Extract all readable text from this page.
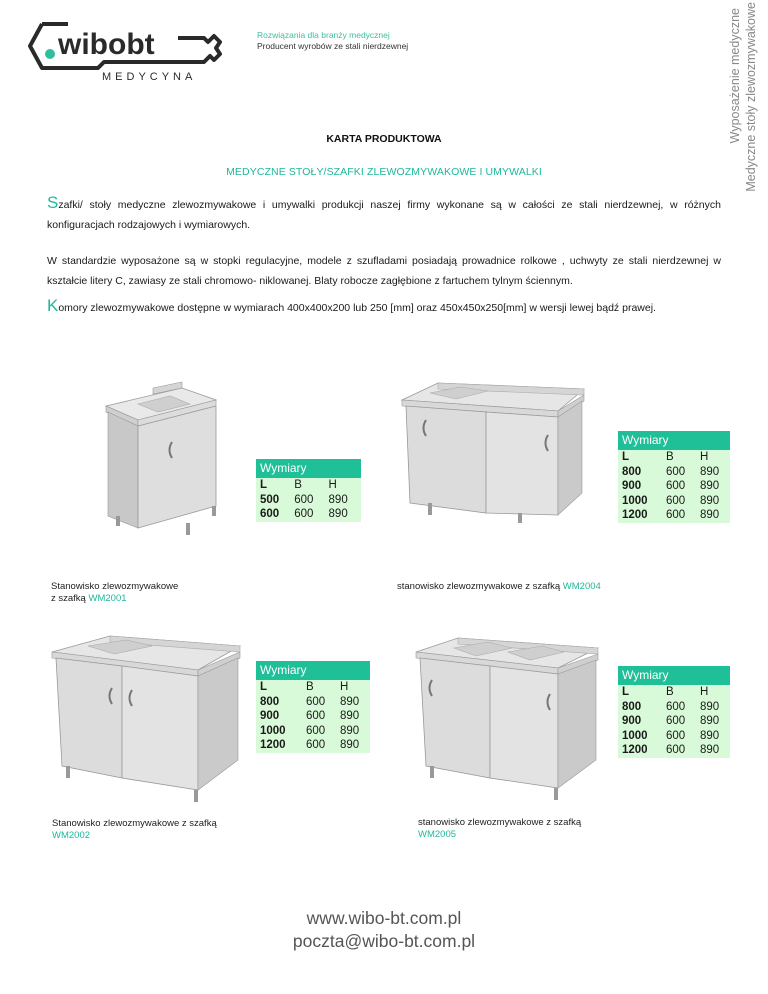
wibobt
MEDYCYNA
Rozwiązania dla branży medycznej
Producent wyrobów ze stali nierdzewnej	Wyposażenie medyczne Medyczne stoły zlewozmywakowe
KARTA PRODUKTOWA
MEDYCZNE STOŁY/SZAFKI ZLEWOZMYWAKOWE I UMYWALKI
Szafki/ stoły medyczne zlewozmywakowe i umywalki produkcji naszej firmy wykonane są w całości ze stali nierdzewnej, w różnych konfiguracjach rodzajowych i wymiarowych.
W standardzie wyposażone są w stopki regulacyjne, modele z szufladami posiadają prowadnice rolkowe , uchwyty ze stali nierdzewnej w kształcie litery C, zawiasy ze stali chromowo- niklowanej. Blaty robocze zagłębione z fartuchem tylnym ściennym.
Komory zlewozmywakowe dostępne w wymiarach 400x400x200 lub 250 [mm] oraz 450x450x250[mm] w wersji lewej bądź prawej.
Wymiary
L	B	H
500	600	890
600	600	890
Wymiary
L	B	H
800	600	890
900	600	890
1000	600	890
1200	600	890
Wymiary
L	B	H
800	600	890
900	600	890
1000	600	890
1200	600	890
Wymiary
L	B	H
800	600	890
900	600	890
1000	600	890
1200	600	890
Stanowisko zlewozmywakowe
z szafką WM2001
stanowisko zlewozmywakowe z szafką WM2004
Stanowisko zlewozmywakowe z szafką
WM2002
stanowisko zlewozmywakowe z szafką
WM2005
www.wibo-bt.com.pl
poczta@wibo-bt.com.pl
